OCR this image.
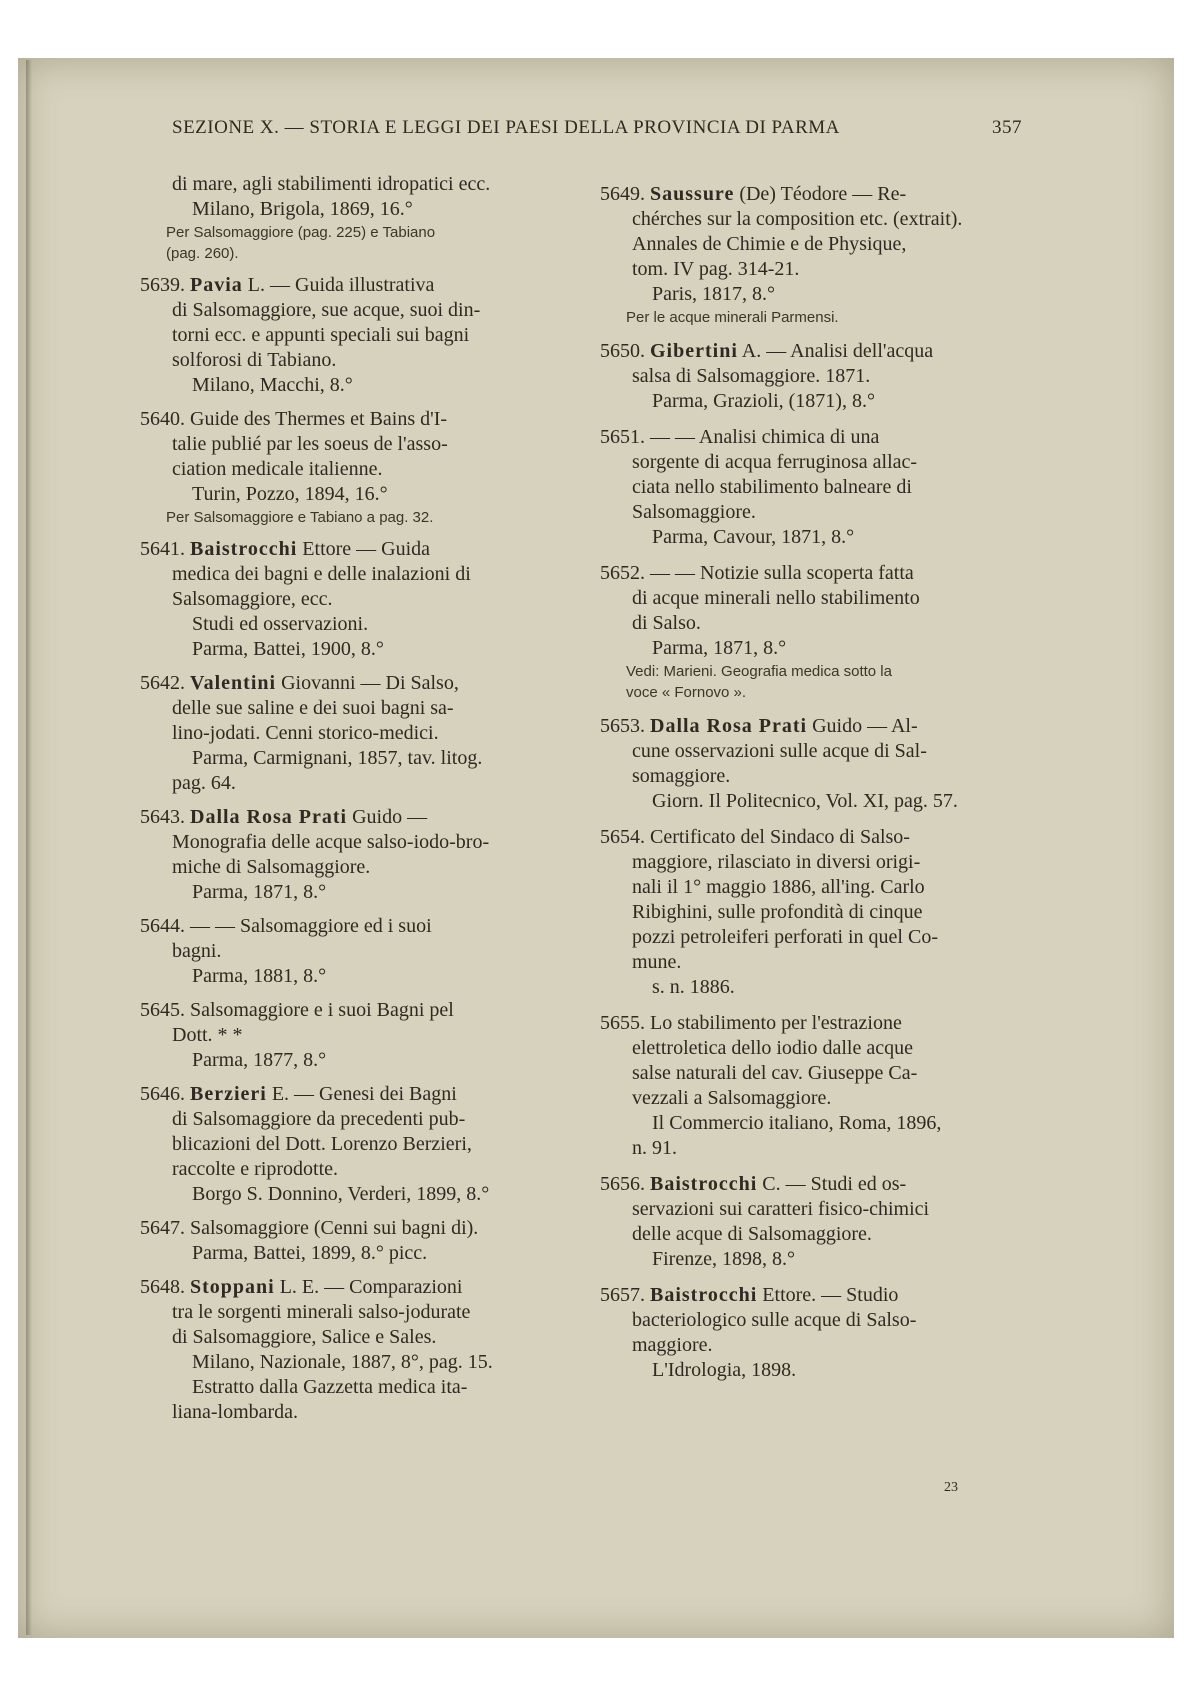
SEZIONE X. — STORIA E LEGGI DEI PAESI DELLA PROVINCIA DI PARMA	357
di mare, agli stabilimenti idropatici ecc.
Milano, Brigola, 1869, 16.°
Per Salsomaggiore (pag. 225) e Tabiano
(pag. 260).
5639. Pavia L. — Guida illustrativa
di Salsomaggiore, sue acque, suoi din-
torni ecc. e appunti speciali sui bagni
solforosi di Tabiano.
Milano, Macchi, 8.°
5640. Guide des Thermes et Bains d'I-
talie publié par les soeus de l'asso-
ciation medicale italienne.
Turin, Pozzo, 1894, 16.°
Per Salsomaggiore e Tabiano a pag. 32.
5641. Baistrocchi Ettore — Guida
medica dei bagni e delle inalazioni di
Salsomaggiore, ecc.
Studi ed osservazioni.
Parma, Battei, 1900, 8.°
5642. Valentini Giovanni — Di Salso,
delle sue saline e dei suoi bagni sa-
lino-jodati. Cenni storico-medici.
Parma, Carmignani, 1857, tav. litog.
pag. 64.
5643. Dalla Rosa Prati Guido —
Monografia delle acque salso-iodo-bro-
miche di Salsomaggiore.
Parma, 1871, 8.°
5644. — — Salsomaggiore ed i suoi
bagni.
Parma, 1881, 8.°
5645. Salsomaggiore e i suoi Bagni pel
Dott. * *
Parma, 1877, 8.°
5646. Berzieri E. — Genesi dei Bagni
di Salsomaggiore da precedenti pub-
blicazioni del Dott. Lorenzo Berzieri,
raccolte e riprodotte.
Borgo S. Donnino, Verderi, 1899, 8.°
5647. Salsomaggiore (Cenni sui bagni di).
Parma, Battei, 1899, 8.° picc.
5648. Stoppani L. E. — Comparazioni
tra le sorgenti minerali salso-jodurate
di Salsomaggiore, Salice e Sales.
Milano, Nazionale, 1887, 8°, pag. 15.
Estratto dalla Gazzetta medica ita-
liana-lombarda.
5649. Saussure (De) Téodore — Re-
chérches sur la composition etc. (extrait).
Annales de Chimie e de Physique,
tom. IV pag. 314-21.
Paris, 1817, 8.°
Per le acque minerali Parmensi.
5650. Gibertini A. — Analisi dell'acqua
salsa di Salsomaggiore. 1871.
Parma, Grazioli, (1871), 8.°
5651. — — Analisi chimica di una
sorgente di acqua ferruginosa allac-
ciata nello stabilimento balneare di
Salsomaggiore.
Parma, Cavour, 1871, 8.°
5652. — — Notizie sulla scoperta fatta
di acque minerali nello stabilimento
di Salso.
Parma, 1871, 8.°
Vedi: Marieni. Geografia medica sotto la
voce « Fornovo ».
5653. Dalla Rosa Prati Guido — Al-
cune osservazioni sulle acque di Sal-
somaggiore.
Giorn. Il Politecnico, Vol. XI, pag. 57.
5654. Certificato del Sindaco di Salso-
maggiore, rilasciato in diversi origi-
nali il 1° maggio 1886, all'ing. Carlo
Ribighini, sulle profondità di cinque
pozzi petroleiferi perforati in quel Co-
mune.
s. n. 1886.
5655. Lo stabilimento per l'estrazione
elettroletica dello iodio dalle acque
salse naturali del cav. Giuseppe Ca-
vezzali a Salsomaggiore.
Il Commercio italiano, Roma, 1896,
n. 91.
5656. Baistrocchi C. — Studi ed os-
servazioni sui caratteri fisico-chimici
delle acque di Salsomaggiore.
Firenze, 1898, 8.°
5657. Baistrocchi Ettore. — Studio
bacteriologico sulle acque di Salso-
maggiore.
L'Idrologia, 1898.
23
